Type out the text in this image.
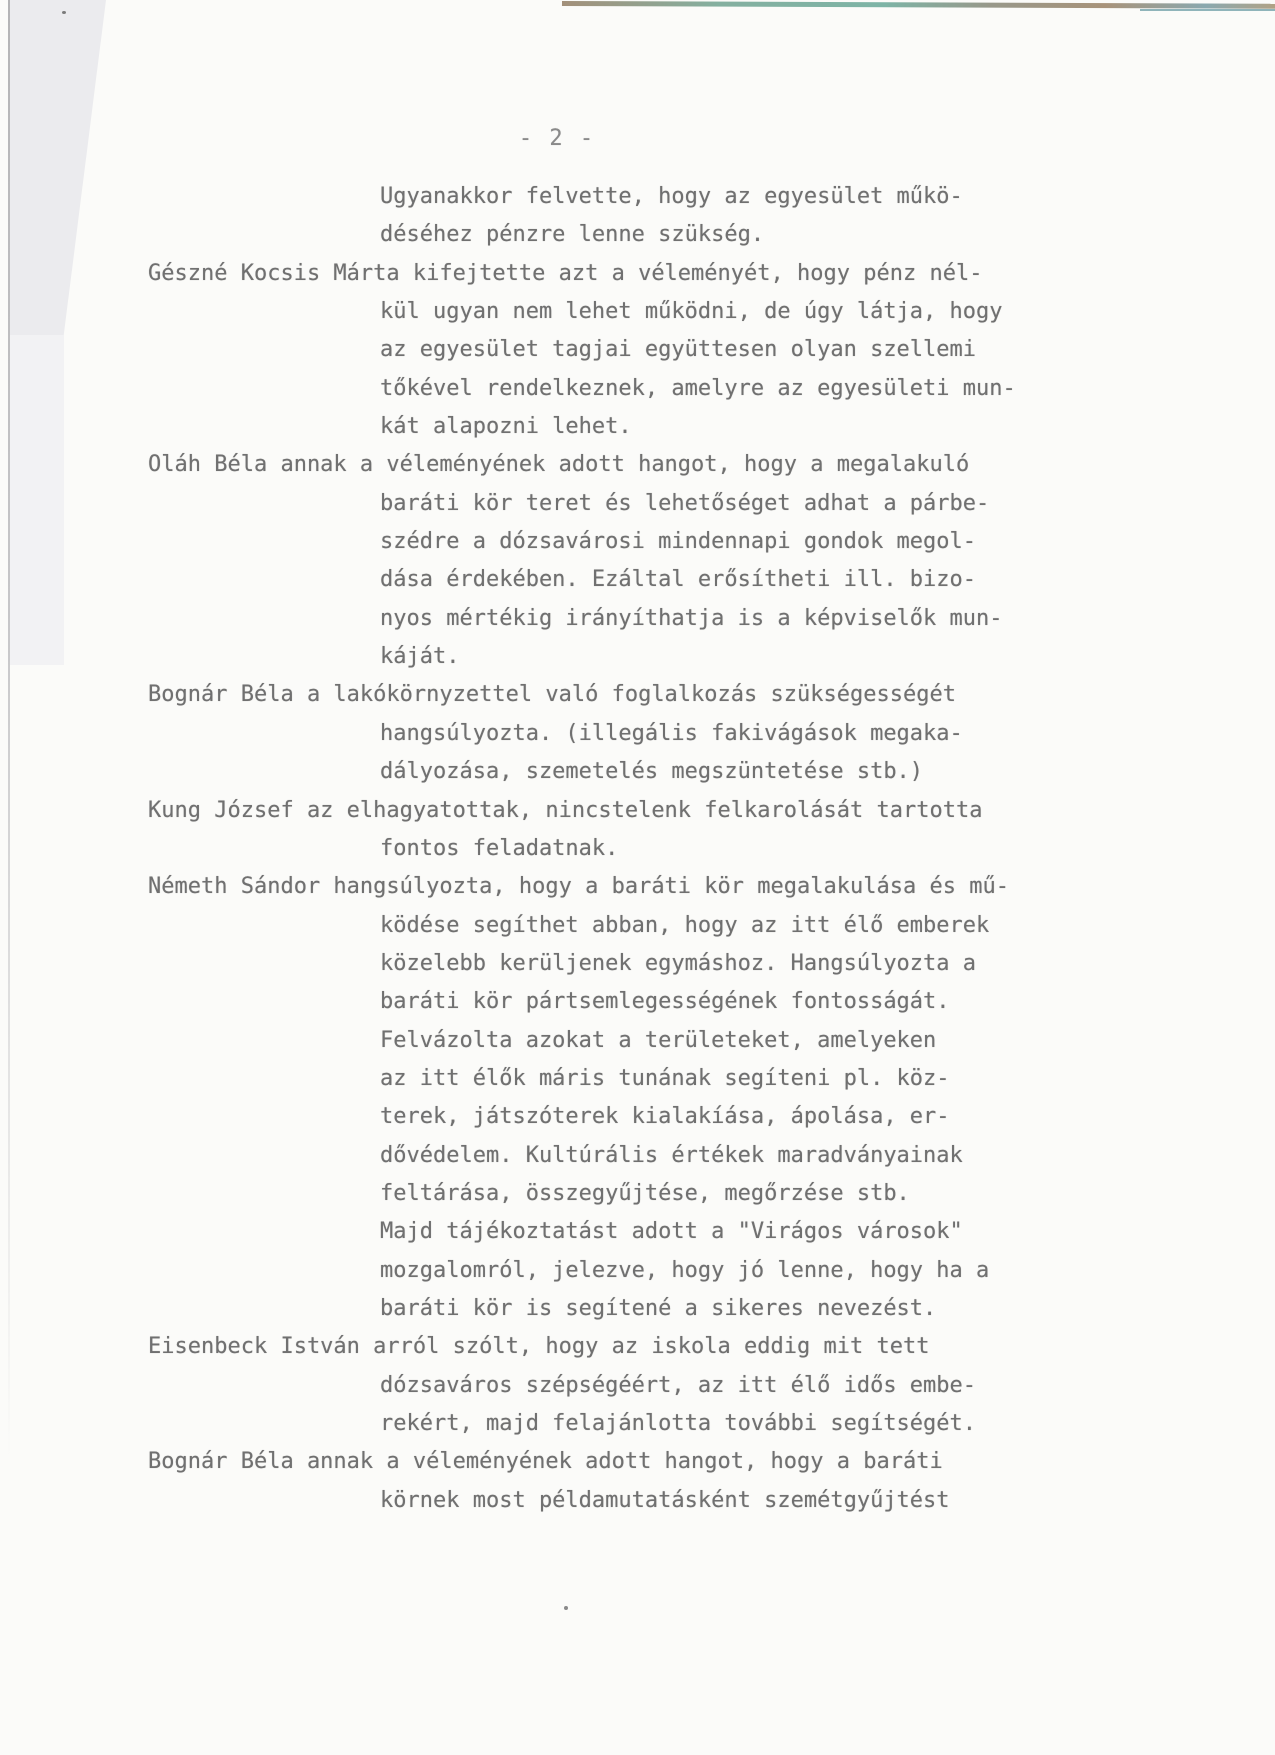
- 2 -
Ugyanakkor felvette, hogy az egyesület műkö-
déséhez pénzre lenne szükség.
Gészné Kocsis Márta kifejtette azt a véleményét, hogy pénz nél-
kül ugyan nem lehet működni, de úgy látja, hogy
az egyesület tagjai együttesen olyan szellemi
tőkével rendelkeznek, amelyre az egyesületi mun-
kát alapozni lehet.
Oláh Béla annak a véleményének adott hangot, hogy a megalakuló
baráti kör teret és lehetőséget adhat a párbe-
szédre a dózsavárosi mindennapi gondok megol-
dása érdekében. Ezáltal erősítheti ill. bizo-
nyos mértékig irányíthatja is a képviselők mun-
káját.
Bognár Béla a lakókörnyzettel való foglalkozás szükségességét
hangsúlyozta. (illegális fakivágások megaka-
dályozása, szemetelés megszüntetése stb.)
Kung József az elhagyatottak, nincstelenk felkarolását tartotta
fontos feladatnak.
Németh Sándor hangsúlyozta, hogy a baráti kör megalakulása és mű-
ködése segíthet abban, hogy az itt élő emberek
közelebb kerüljenek egymáshoz. Hangsúlyozta a
baráti kör pártsemlegességének fontosságát.
Felvázolta azokat a területeket, amelyeken
az itt élők máris tunának segíteni pl. köz-
terek, játszóterek kialakíása, ápolása, er-
dővédelem. Kultúrális értékek maradványainak
feltárása, összegyűjtése, megőrzése stb.
Majd tájékoztatást adott a "Virágos városok"
mozgalomról, jelezve, hogy jó lenne, hogy ha a
baráti kör is segítené a sikeres nevezést.
Eisenbeck István arról szólt, hogy az iskola eddig mit tett
dózsaváros szépségéért, az itt élő idős embe-
rekért, majd felajánlotta további segítségét.
Bognár Béla annak a véleményének adott hangot, hogy a baráti
körnek most példamutatásként szemétgyűjtést
